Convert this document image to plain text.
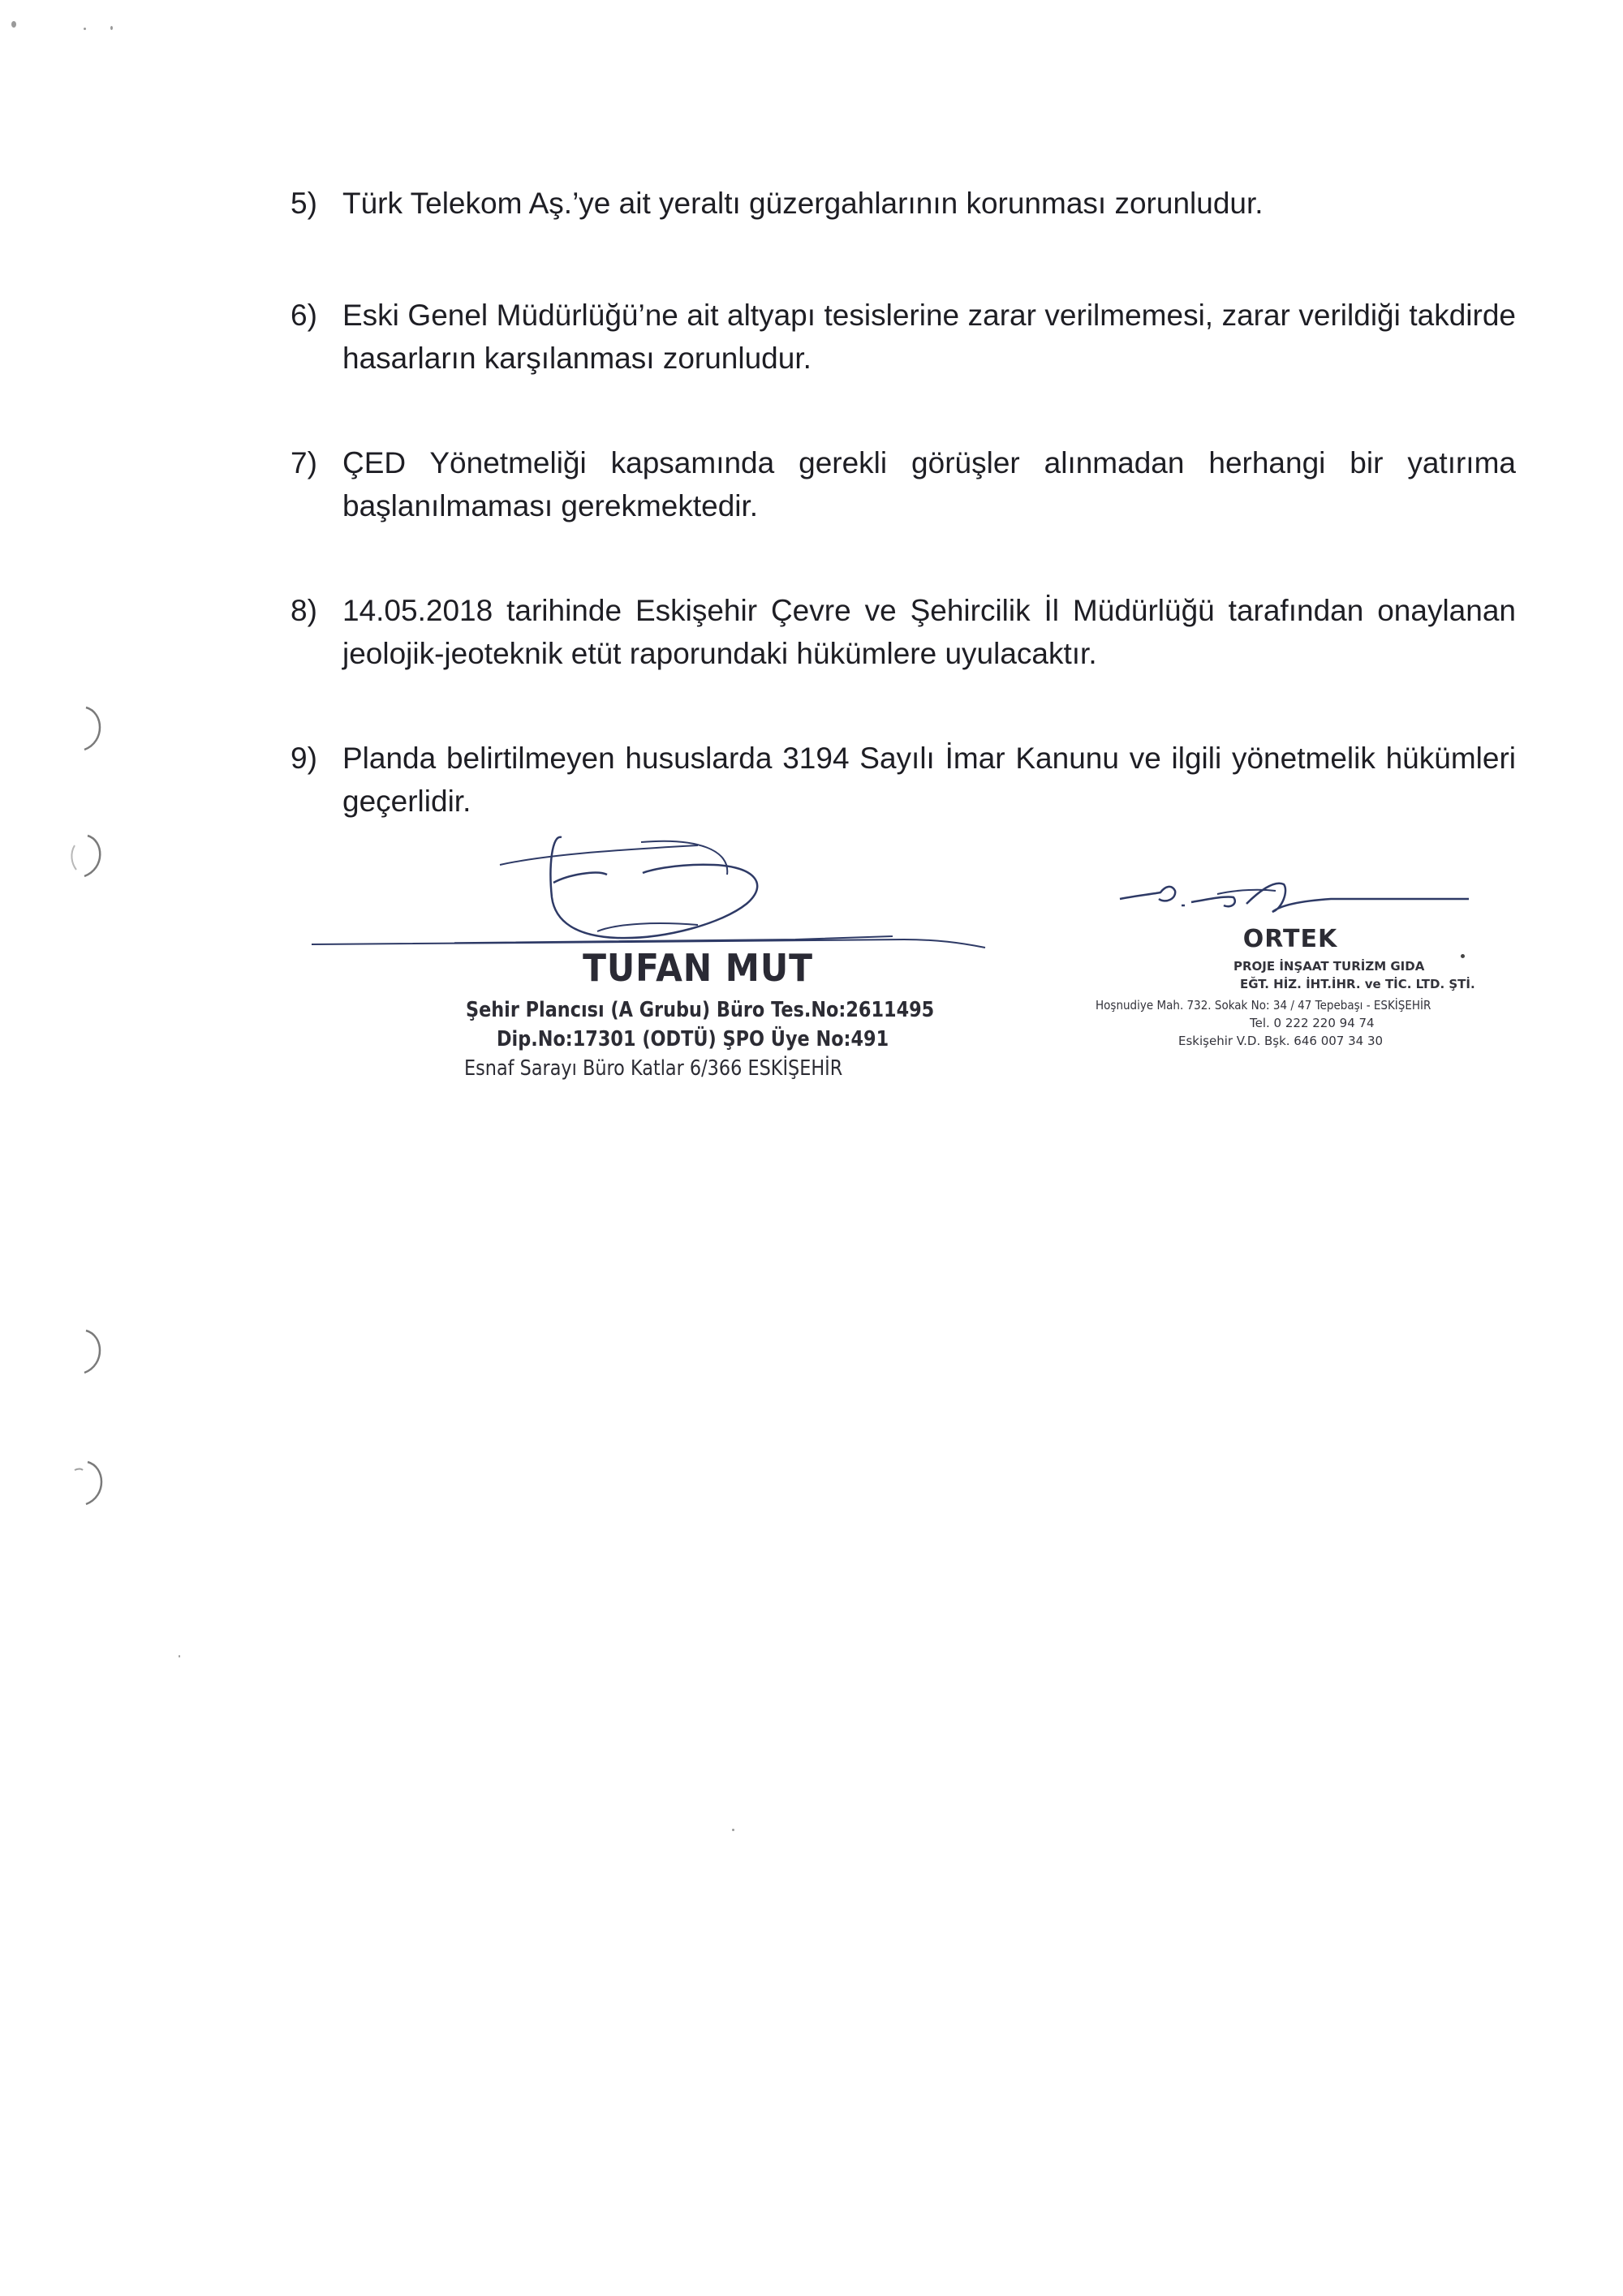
5) Türk Telekom Aş.’ye ait yeraltı güzergahlarının korunması zorunludur.
6) Eski Genel Müdürlüğü’ne ait altyapı tesislerine zarar verilmemesi, zarar verildiği takdirde hasarların karşılanması zorunludur.
7) ÇED Yönetmeliği kapsamında gerekli görüşler alınmadan herhangi bir yatırıma başlanılmaması gerekmektedir.
8) 14.05.2018 tarihinde Eskişehir Çevre ve Şehircilik İl Müdürlüğü tarafından onaylanan jeolojik-jeoteknik etüt raporundaki hükümlere uyulacaktır.
9) Planda belirtilmeyen hususlarda 3194 Sayılı İmar Kanunu ve ilgili yönetmelik hükümleri geçerlidir.
TUFAN MUT
Şehir Plancısı (A Grubu) Büro Tes.No:2611495
Dip.No:17301 (ODTÜ) ŞPO Üye No:491
Esnaf Sarayı Büro Katlar 6/366 ESKİŞEHİR
ORTEK
PROJE İNŞAAT TURİZM GIDA
EĞT. HİZ. İHT.İHR. ve TİC. LTD. ŞTİ.
Hoşnudiye Mah. 732. Sokak No: 34 / 47 Tepebaşı - ESKİŞEHİR
Tel. 0 222 220 94 74
Eskişehir V.D. Bşk. 646 007 34 30
